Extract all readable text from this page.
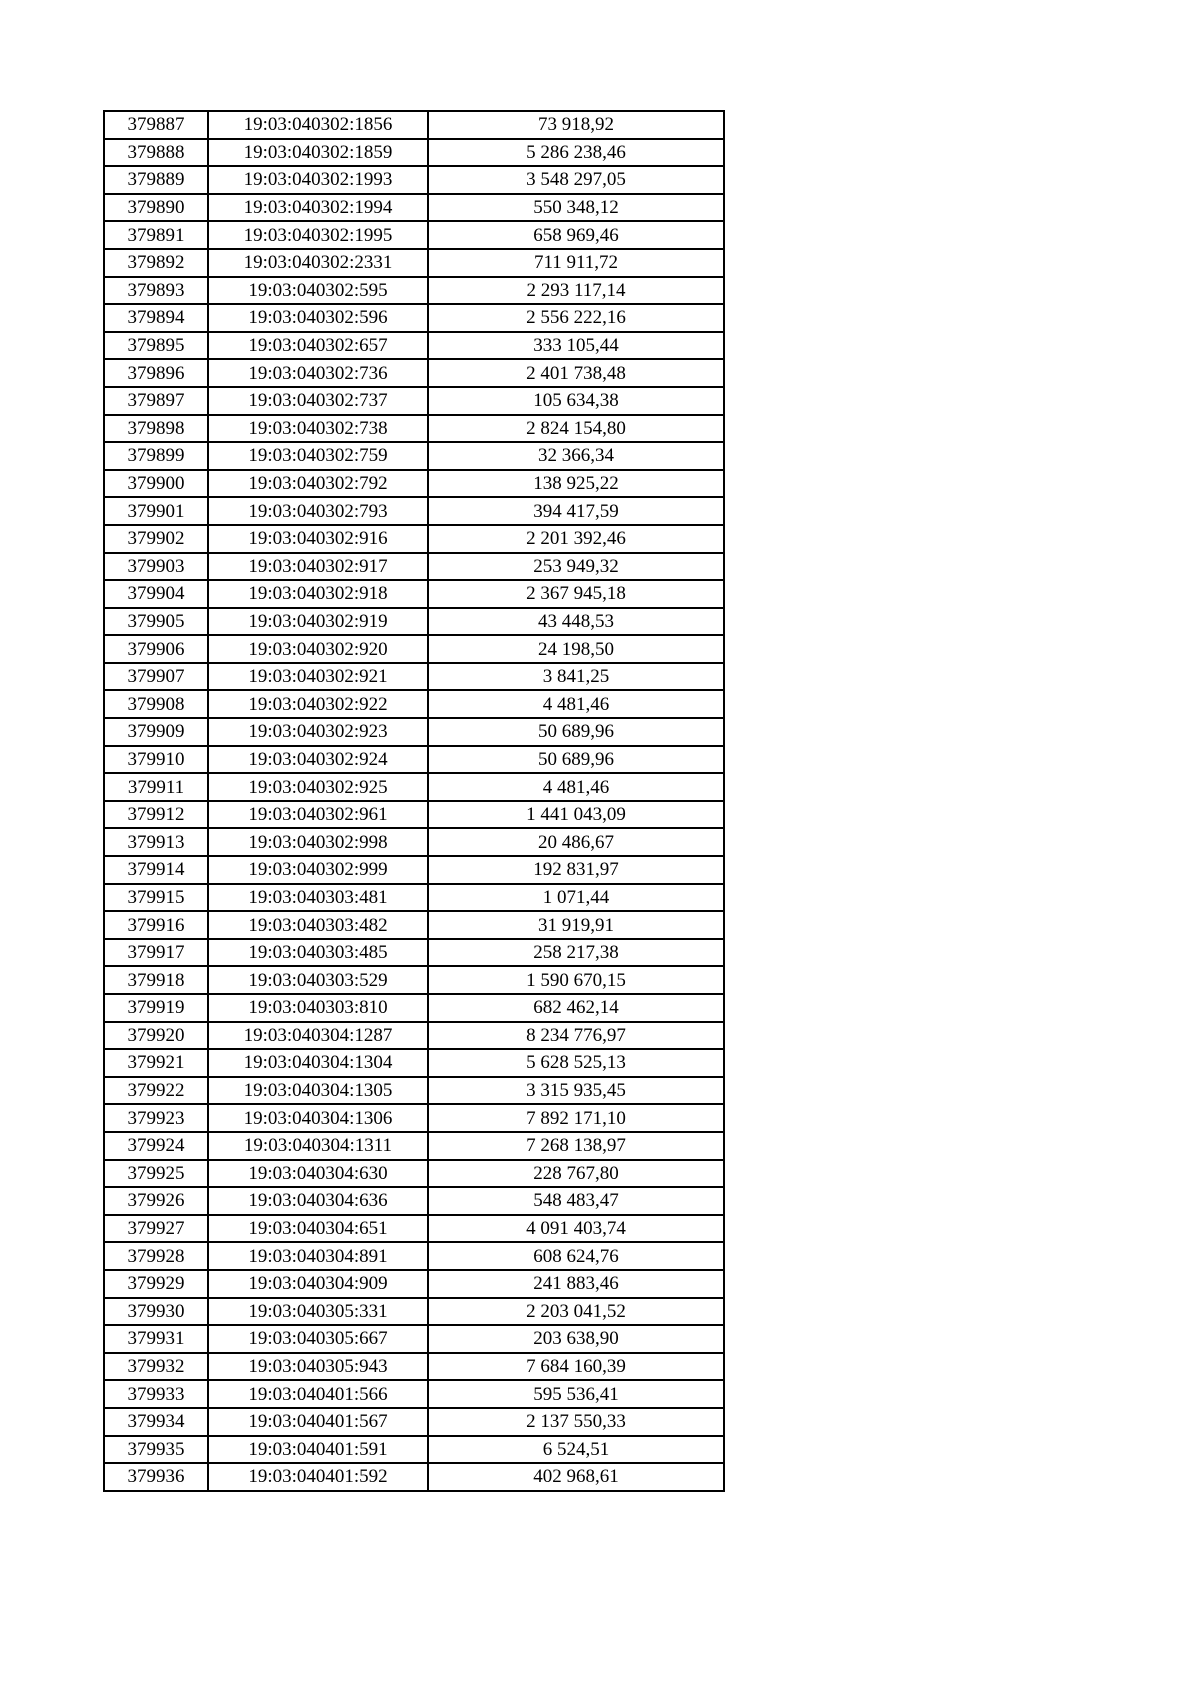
379887	19:03:040302:1856	73 918,92
379888	19:03:040302:1859	5 286 238,46
379889	19:03:040302:1993	3 548 297,05
379890	19:03:040302:1994	550 348,12
379891	19:03:040302:1995	658 969,46
379892	19:03:040302:2331	711 911,72
379893	19:03:040302:595	2 293 117,14
379894	19:03:040302:596	2 556 222,16
379895	19:03:040302:657	333 105,44
379896	19:03:040302:736	2 401 738,48
379897	19:03:040302:737	105 634,38
379898	19:03:040302:738	2 824 154,80
379899	19:03:040302:759	32 366,34
379900	19:03:040302:792	138 925,22
379901	19:03:040302:793	394 417,59
379902	19:03:040302:916	2 201 392,46
379903	19:03:040302:917	253 949,32
379904	19:03:040302:918	2 367 945,18
379905	19:03:040302:919	43 448,53
379906	19:03:040302:920	24 198,50
379907	19:03:040302:921	3 841,25
379908	19:03:040302:922	4 481,46
379909	19:03:040302:923	50 689,96
379910	19:03:040302:924	50 689,96
379911	19:03:040302:925	4 481,46
379912	19:03:040302:961	1 441 043,09
379913	19:03:040302:998	20 486,67
379914	19:03:040302:999	192 831,97
379915	19:03:040303:481	1 071,44
379916	19:03:040303:482	31 919,91
379917	19:03:040303:485	258 217,38
379918	19:03:040303:529	1 590 670,15
379919	19:03:040303:810	682 462,14
379920	19:03:040304:1287	8 234 776,97
379921	19:03:040304:1304	5 628 525,13
379922	19:03:040304:1305	3 315 935,45
379923	19:03:040304:1306	7 892 171,10
379924	19:03:040304:1311	7 268 138,97
379925	19:03:040304:630	228 767,80
379926	19:03:040304:636	548 483,47
379927	19:03:040304:651	4 091 403,74
379928	19:03:040304:891	608 624,76
379929	19:03:040304:909	241 883,46
379930	19:03:040305:331	2 203 041,52
379931	19:03:040305:667	203 638,90
379932	19:03:040305:943	7 684 160,39
379933	19:03:040401:566	595 536,41
379934	19:03:040401:567	2 137 550,33
379935	19:03:040401:591	6 524,51
379936	19:03:040401:592	402 968,61
